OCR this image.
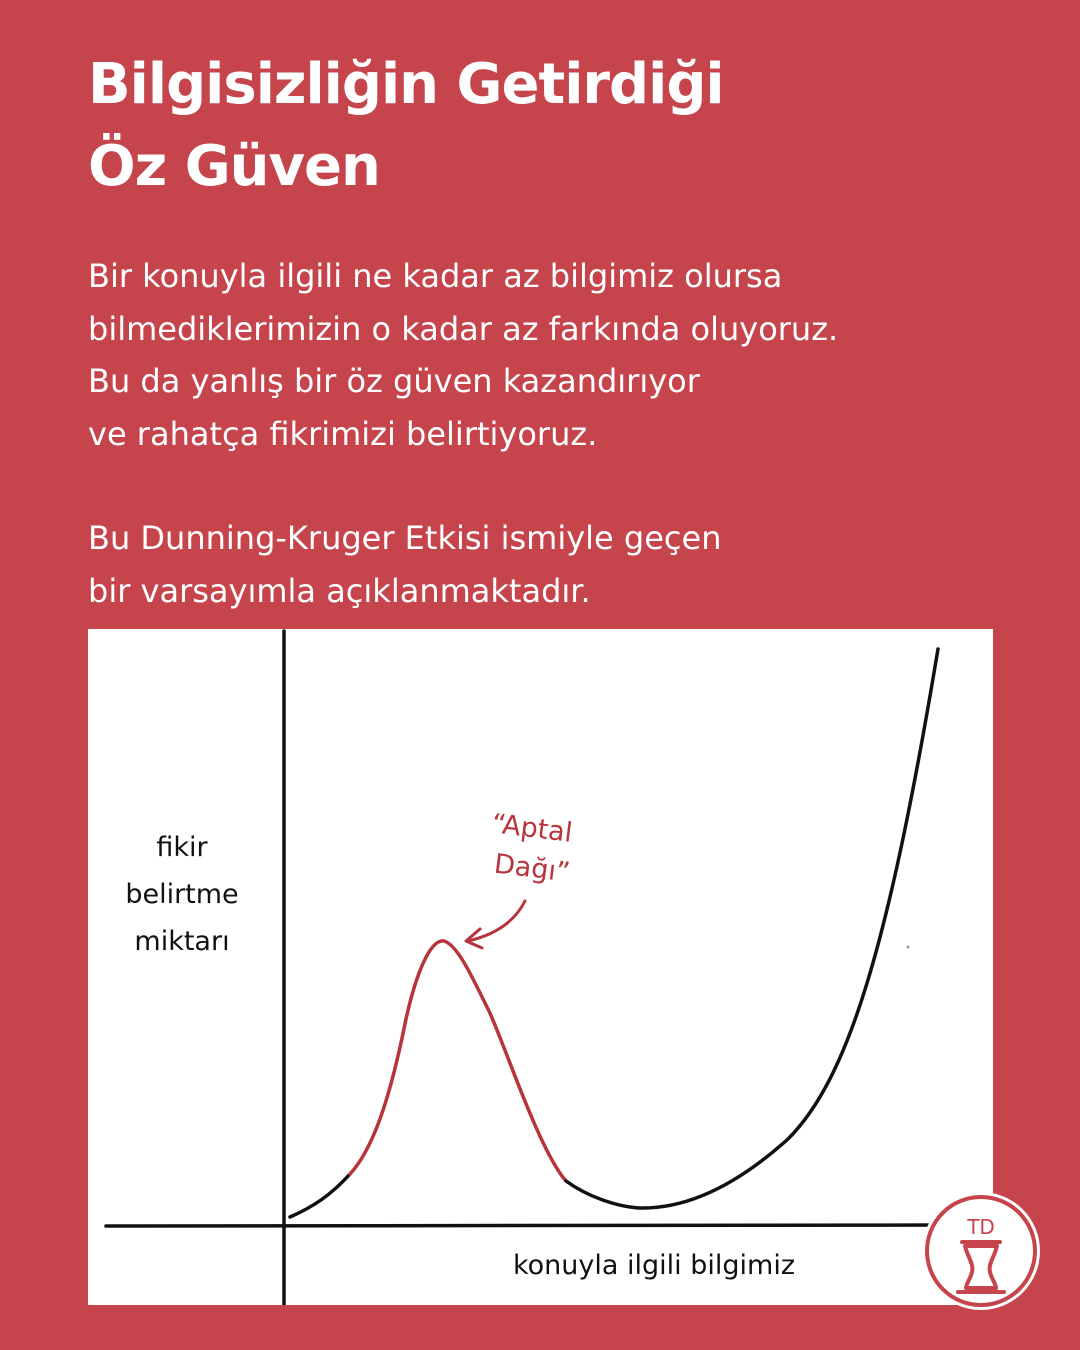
Bilgisizliğin Getirdiği
Öz Güven
Bir konuyla ilgili ne kadar az bilgimiz olursa
bilmediklerimizin o kadar az farkında oluyoruz.
Bu da yanlış bir öz güven kazandırıyor
ve rahatça fikrimizi belirtiyoruz.
Bu Dunning-Kruger Etkisi ismiyle geçen
bir varsayımla açıklanmaktadır.
fikir
belirtme
miktarı
konuyla ilgili bilgimiz
“Aptal
Dağı”
TD
